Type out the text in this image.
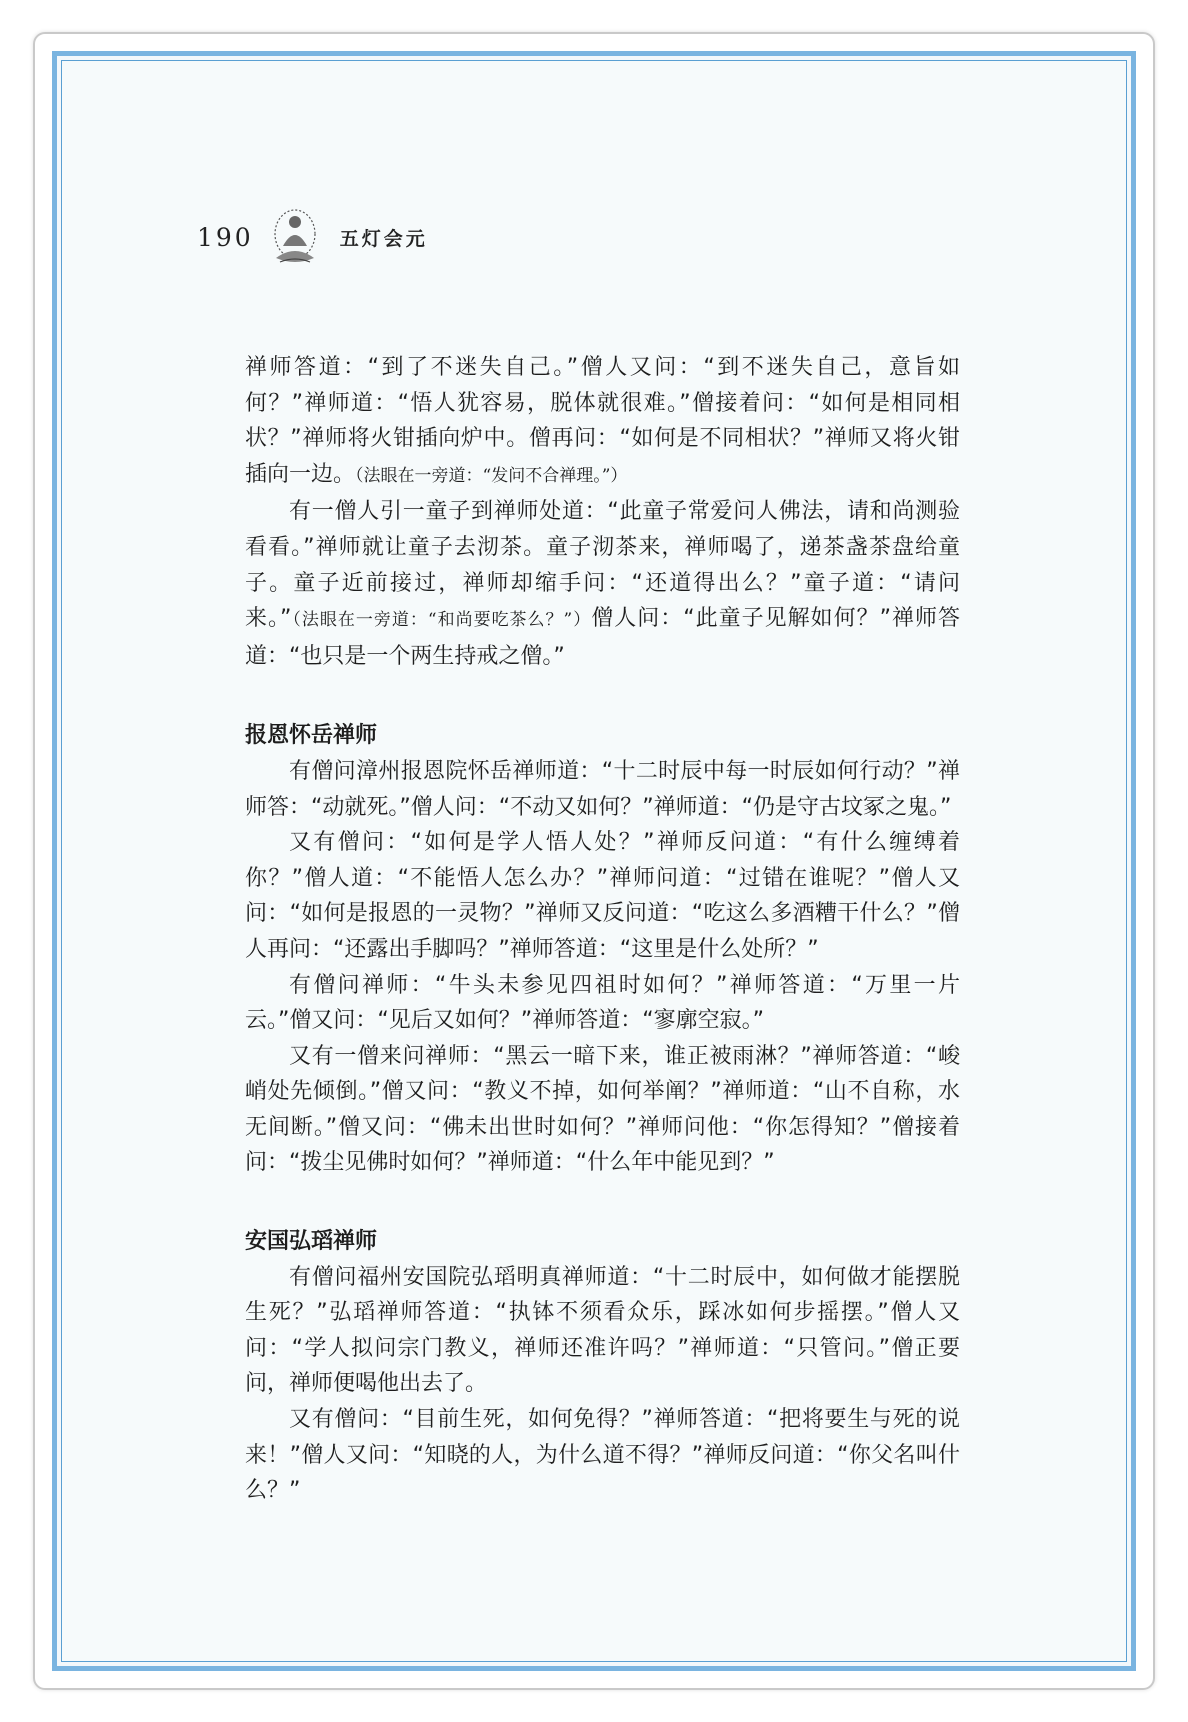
190	五灯会元

禅师答道：“到了不迷失自己。”僧人又问：“到不迷失自己，意旨如何？”禅师道：“悟人犹容易，脱体就很难。”僧接着问：“如何是相同相状？”禅师将火钳插向炉中。僧再问：“如何是不同相状？”禅师又将火钳插向一边。（法眼在一旁道：“发问不合禅理。”）

有一僧人引一童子到禅师处道：“此童子常爱问人佛法，请和尚测验看看。”禅师就让童子去沏茶。童子沏茶来，禅师喝了，递茶盏茶盘给童子。童子近前接过，禅师却缩手问：“还道得出么？”童子道：“请问来。”（法眼在一旁道：“和尚要吃茶么？”）僧人问：“此童子见解如何？”禅师答道：“也只是一个两生持戒之僧。”

报恩怀岳禅师

有僧问漳州报恩院怀岳禅师道：“十二时辰中每一时辰如何行动？”禅师答：“动就死。”僧人问：“不动又如何？”禅师道：“仍是守古坟冢之鬼。”

又有僧问：“如何是学人悟人处？”禅师反问道：“有什么缠缚着你？”僧人道：“不能悟人怎么办？”禅师问道：“过错在谁呢？”僧人又问：“如何是报恩的一灵物？”禅师又反问道：“吃这么多酒糟干什么？”僧人再问：“还露出手脚吗？”禅师答道：“这里是什么处所？”

有僧问禅师：“牛头未参见四祖时如何？”禅师答道：“万里一片云。”僧又问：“见后又如何？”禅师答道：“寥廓空寂。”

又有一僧来问禅师：“黑云一暗下来，谁正被雨淋？”禅师答道：“峻峭处先倾倒。”僧又问：“教义不掉，如何举阐？”禅师道：“山不自称，水无间断。”僧又问：“佛未出世时如何？”禅师问他：“你怎得知？”僧接着问：“拨尘见佛时如何？”禅师道：“什么年中能见到？”

安国弘瑫禅师

有僧问福州安国院弘瑫明真禅师道：“十二时辰中，如何做才能摆脱生死？”弘瑫禅师答道：“执钵不须看众乐，踩冰如何步摇摆。”僧人又问：“学人拟问宗门教义，禅师还准许吗？”禅师道：“只管问。”僧正要问，禅师便喝他出去了。

又有僧问：“目前生死，如何免得？”禅师答道：“把将要生与死的说来！”僧人又问：“知晓的人，为什么道不得？”禅师反问道：“你父名叫什么？”
